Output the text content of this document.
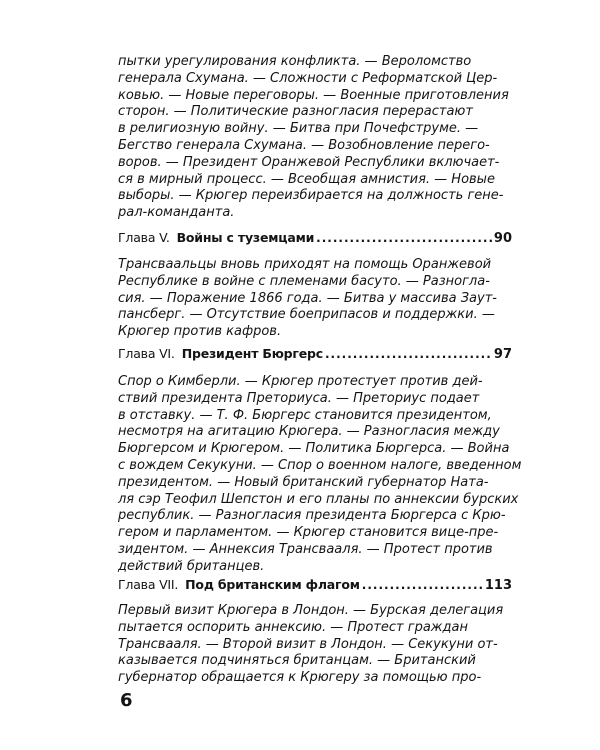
пытки урегулирования конфликта. — Вероломство
генерала Схумана. — Сложности с Реформатской Цер-
ковью. — Новые переговоры. — Военные приготовления
сторон. — Политические разногласия перерастают
в религиозную войну. — Битва при Почефструме. —
Бегство генерала Схумана. — Возобновление перего-
воров. — Президент Оранжевой Республики включает-
ся в мирный процесс. — Всеобщая амнистия. — Новые
выборы. — Крюгер переизбирается на должность гене-
рал-команданта.
Глава V. Войны с туземцами .....	90
Трансваальцы вновь приходят на помощь Оранжевой
Республике в войне с племенами басуто. — Разногла-
сия. — Поражение 1866 года. — Битва у массива Заут-
пансберг. — Отсутствие боеприпасов и поддержки. —
Крюгер против кафров.
Глава VI. Президент Бюргерс .....	97
Спор о Кимберли. — Крюгер протестует против дей-
ствий президента Преториуса. — Преториус подает
в отставку. — Т. Ф. Бюргерс становится президентом,
несмотря на агитацию Крюгера. — Разногласия между
Бюргерсом и Крюгером. — Политика Бюргерса. — Война
с вождем Секукуни. — Спор о военном налоге, введенном
президентом. — Новый британский губернатор Ната-
ля сэр Теофил Шепстон и его планы по аннексии бурских
республик. — Разногласия президента Бюргерса с Крю-
гером и парламентом. — Крюгер становится вице-пре-
зидентом. — Аннексия Трансвааля. — Протест против
действий британцев.
Глава VII. Под британским флагом .....	113
Первый визит Крюгера в Лондон. — Бурская делегация
пытается оспорить аннексию. — Протест граждан
Трансвааля. — Второй визит в Лондон. — Секукуни от-
казывается подчиняться британцам. — Британский
губернатор обращается к Крюгеру за помощью про-
6
